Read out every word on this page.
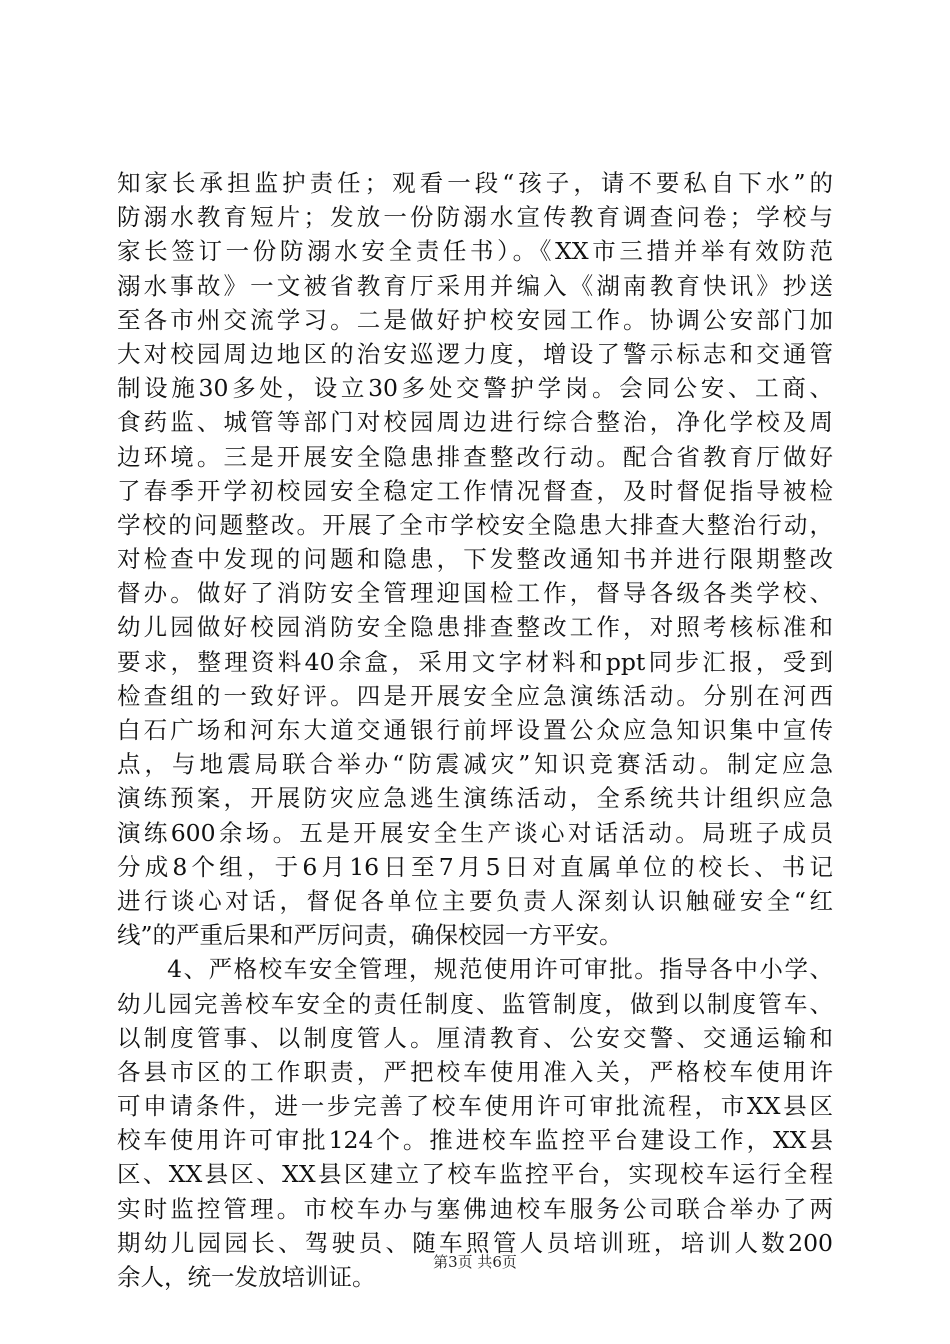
知家长承担监护责任；观看一段“孩子，请不要私自下水”的
防溺水教育短片；发放一份防溺水宣传教育调查问卷；学校与
家长签订一份防溺水安全责任书）。《XX市三措并举有效防范
溺水事故》一文被省教育厅采用并编入《湖南教育快讯》抄送
至各市州交流学习。二是做好护校安园工作。协调公安部门加
大对校园周边地区的治安巡逻力度，增设了警示标志和交通管
制设施30多处，设立30多处交警护学岗。会同公安、工商、
食药监、城管等部门对校园周边进行综合整治，净化学校及周
边环境。三是开展安全隐患排查整改行动。配合省教育厅做好
了春季开学初校园安全稳定工作情况督查，及时督促指导被检
学校的问题整改。开展了全市学校安全隐患大排查大整治行动，
对检查中发现的问题和隐患，下发整改通知书并进行限期整改
督办。做好了消防安全管理迎国检工作，督导各级各类学校、
幼儿园做好校园消防安全隐患排查整改工作，对照考核标准和
要求，整理资料40余盒，采用文字材料和ppt同步汇报，受到
检查组的一致好评。四是开展安全应急演练活动。分别在河西
白石广场和河东大道交通银行前坪设置公众应急知识集中宣传
点，与地震局联合举办“防震减灾”知识竞赛活动。制定应急
演练预案，开展防灾应急逃生演练活动，全系统共计组织应急
演练600余场。五是开展安全生产谈心对话活动。局班子成员
分成8个组，于6月16日至7月5日对直属单位的校长、书记
进行谈心对话，督促各单位主要负责人深刻认识触碰安全“红
线”的严重后果和严厉问责，确保校园一方平安。
　　4、严格校车安全管理，规范使用许可审批。指导各中小学、
幼儿园完善校车安全的责任制度、监管制度，做到以制度管车、
以制度管事、以制度管人。厘清教育、公安交警、交通运输和
各县市区的工作职责，严把校车使用准入关，严格校车使用许
可申请条件，进一步完善了校车使用许可审批流程，市XX县区
校车使用许可审批124个。推进校车监控平台建设工作，XX县
区、XX县区、XX县区建立了校车监控平台，实现校车运行全程
实时监控管理。市校车办与塞佛迪校车服务公司联合举办了两
期幼儿园园长、驾驶员、随车照管人员培训班，培训人数200
余人，统一发放培训证。
第3页 共6页
